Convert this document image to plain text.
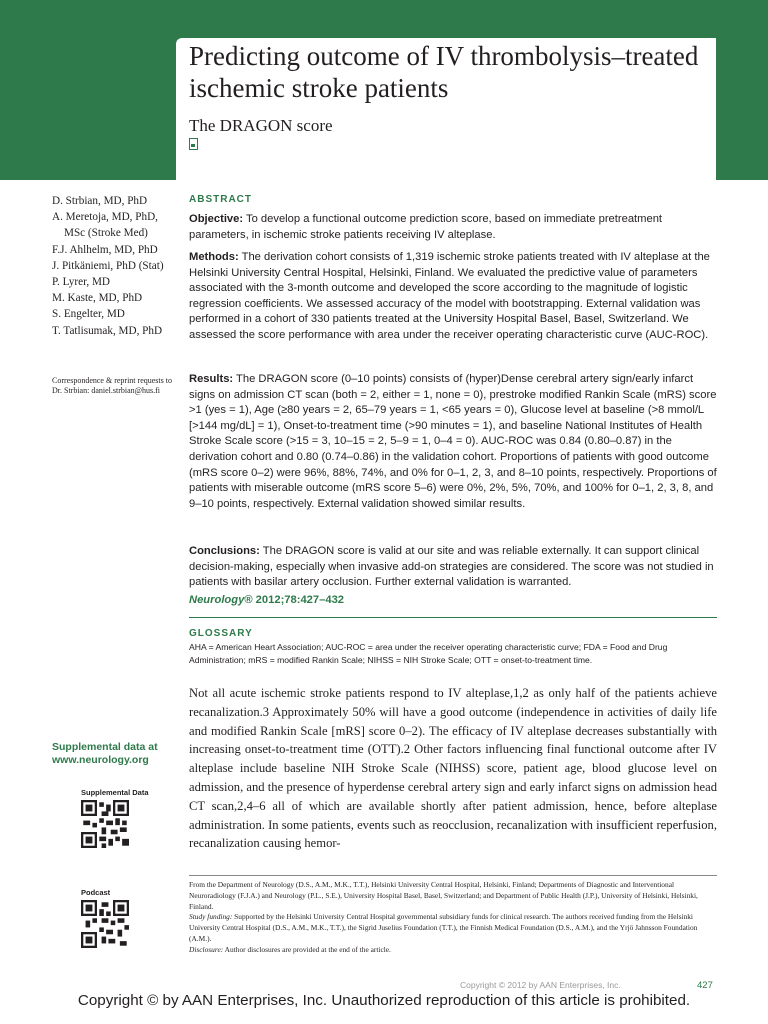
Predicting outcome of IV thrombolysis–treated ischemic stroke patients
The DRAGON score
D. Strbian, MD, PhD
A. Meretoja, MD, PhD,
MSc (Stroke Med)
F.J. Ahlhelm, MD, PhD
J. Pitkäniemi, PhD (Stat)
P. Lyrer, MD
M. Kaste, MD, PhD
S. Engelter, MD
T. Tatlisumak, MD, PhD
Correspondence & reprint requests to Dr. Strbian: daniel.strbian@hus.fi
Supplemental data at www.neurology.org
Supplemental Data
Podcast
ABSTRACT
Objective: To develop a functional outcome prediction score, based on immediate pretreatment parameters, in ischemic stroke patients receiving IV alteplase.
Methods: The derivation cohort consists of 1,319 ischemic stroke patients treated with IV alteplase at the Helsinki University Central Hospital, Helsinki, Finland. We evaluated the predictive value of parameters associated with the 3-month outcome and developed the score according to the magnitude of logistic regression coefficients. We assessed accuracy of the model with bootstrapping. External validation was performed in a cohort of 330 patients treated at the University Hospital Basel, Basel, Switzerland. We assessed the score performance with area under the receiver operating characteristic curve (AUC-ROC).
Results: The DRAGON score (0–10 points) consists of (hyper)Dense cerebral artery sign/early infarct signs on admission CT scan (both = 2, either = 1, none = 0), prestroke modified Rankin Scale (mRS) score >1 (yes = 1), Age (≥80 years = 2, 65–79 years = 1, <65 years = 0), Glucose level at baseline (>8 mmol/L [>144 mg/dL] = 1), Onset-to-treatment time (>90 minutes = 1), and baseline National Institutes of Health Stroke Scale score (>15 = 3, 10–15 = 2, 5–9 = 1, 0–4 = 0). AUC-ROC was 0.84 (0.80–0.87) in the derivation cohort and 0.80 (0.74–0.86) in the validation cohort. Proportions of patients with good outcome (mRS score 0–2) were 96%, 88%, 74%, and 0% for 0–1, 2, 3, and 8–10 points, respectively. Proportions of patients with miserable outcome (mRS score 5–6) were 0%, 2%, 5%, 70%, and 100% for 0–1, 2, 3, 8, and 9–10 points, respectively. External validation showed similar results.
Conclusions: The DRAGON score is valid at our site and was reliable externally. It can support clinical decision-making, especially when invasive add-on strategies are considered. The score was not studied in patients with basilar artery occlusion. Further external validation is warranted.
Neurology® 2012;78:427–432
GLOSSARY
AHA = American Heart Association; AUC-ROC = area under the receiver operating characteristic curve; FDA = Food and Drug Administration; mRS = modified Rankin Scale; NIHSS = NIH Stroke Scale; OTT = onset-to-treatment time.
Not all acute ischemic stroke patients respond to IV alteplase,1,2 as only half of the patients achieve recanalization.3 Approximately 50% will have a good outcome (independence in activities of daily life and modified Rankin Scale [mRS] score 0–2). The efficacy of IV alteplase decreases substantially with increasing onset-to-treatment time (OTT).2 Other factors influencing final functional outcome after IV alteplase include baseline NIH Stroke Scale (NIHSS) score, patient age, blood glucose level on admission, and the presence of hyperdense cerebral artery sign and early infarct signs on admission head CT scan,2,4–6 all of which are available shortly after patient admission, hence, before alteplase administration. In some patients, events such as reocclusion, recanalization with insufficient reperfusion, recanalization causing hemor-
From the Department of Neurology (D.S., A.M., M.K., T.T.), Helsinki University Central Hospital, Helsinki, Finland; Departments of Diagnostic and Interventional Neuroradiology (F.J.A.) and Neurology (P.L., S.E.), University Hospital Basel, Basel, Switzerland; and Department of Public Health (J.P.), University of Helsinki, Helsinki, Finland.
Study funding: Supported by the Helsinki University Central Hospital governmental subsidiary funds for clinical research. The authors received funding from the Helsinki University Central Hospital (D.S., A.M., M.K., T.T.), the Sigrid Juselius Foundation (T.T.), the Finnish Medical Foundation (D.S., A.M.), and the Yrjö Jahnsson Foundation (A.M.).
Disclosure: Author disclosures are provided at the end of the article.
Copyright © 2012 by AAN Enterprises, Inc.	427
Copyright © by AAN Enterprises, Inc. Unauthorized reproduction of this article is prohibited.
